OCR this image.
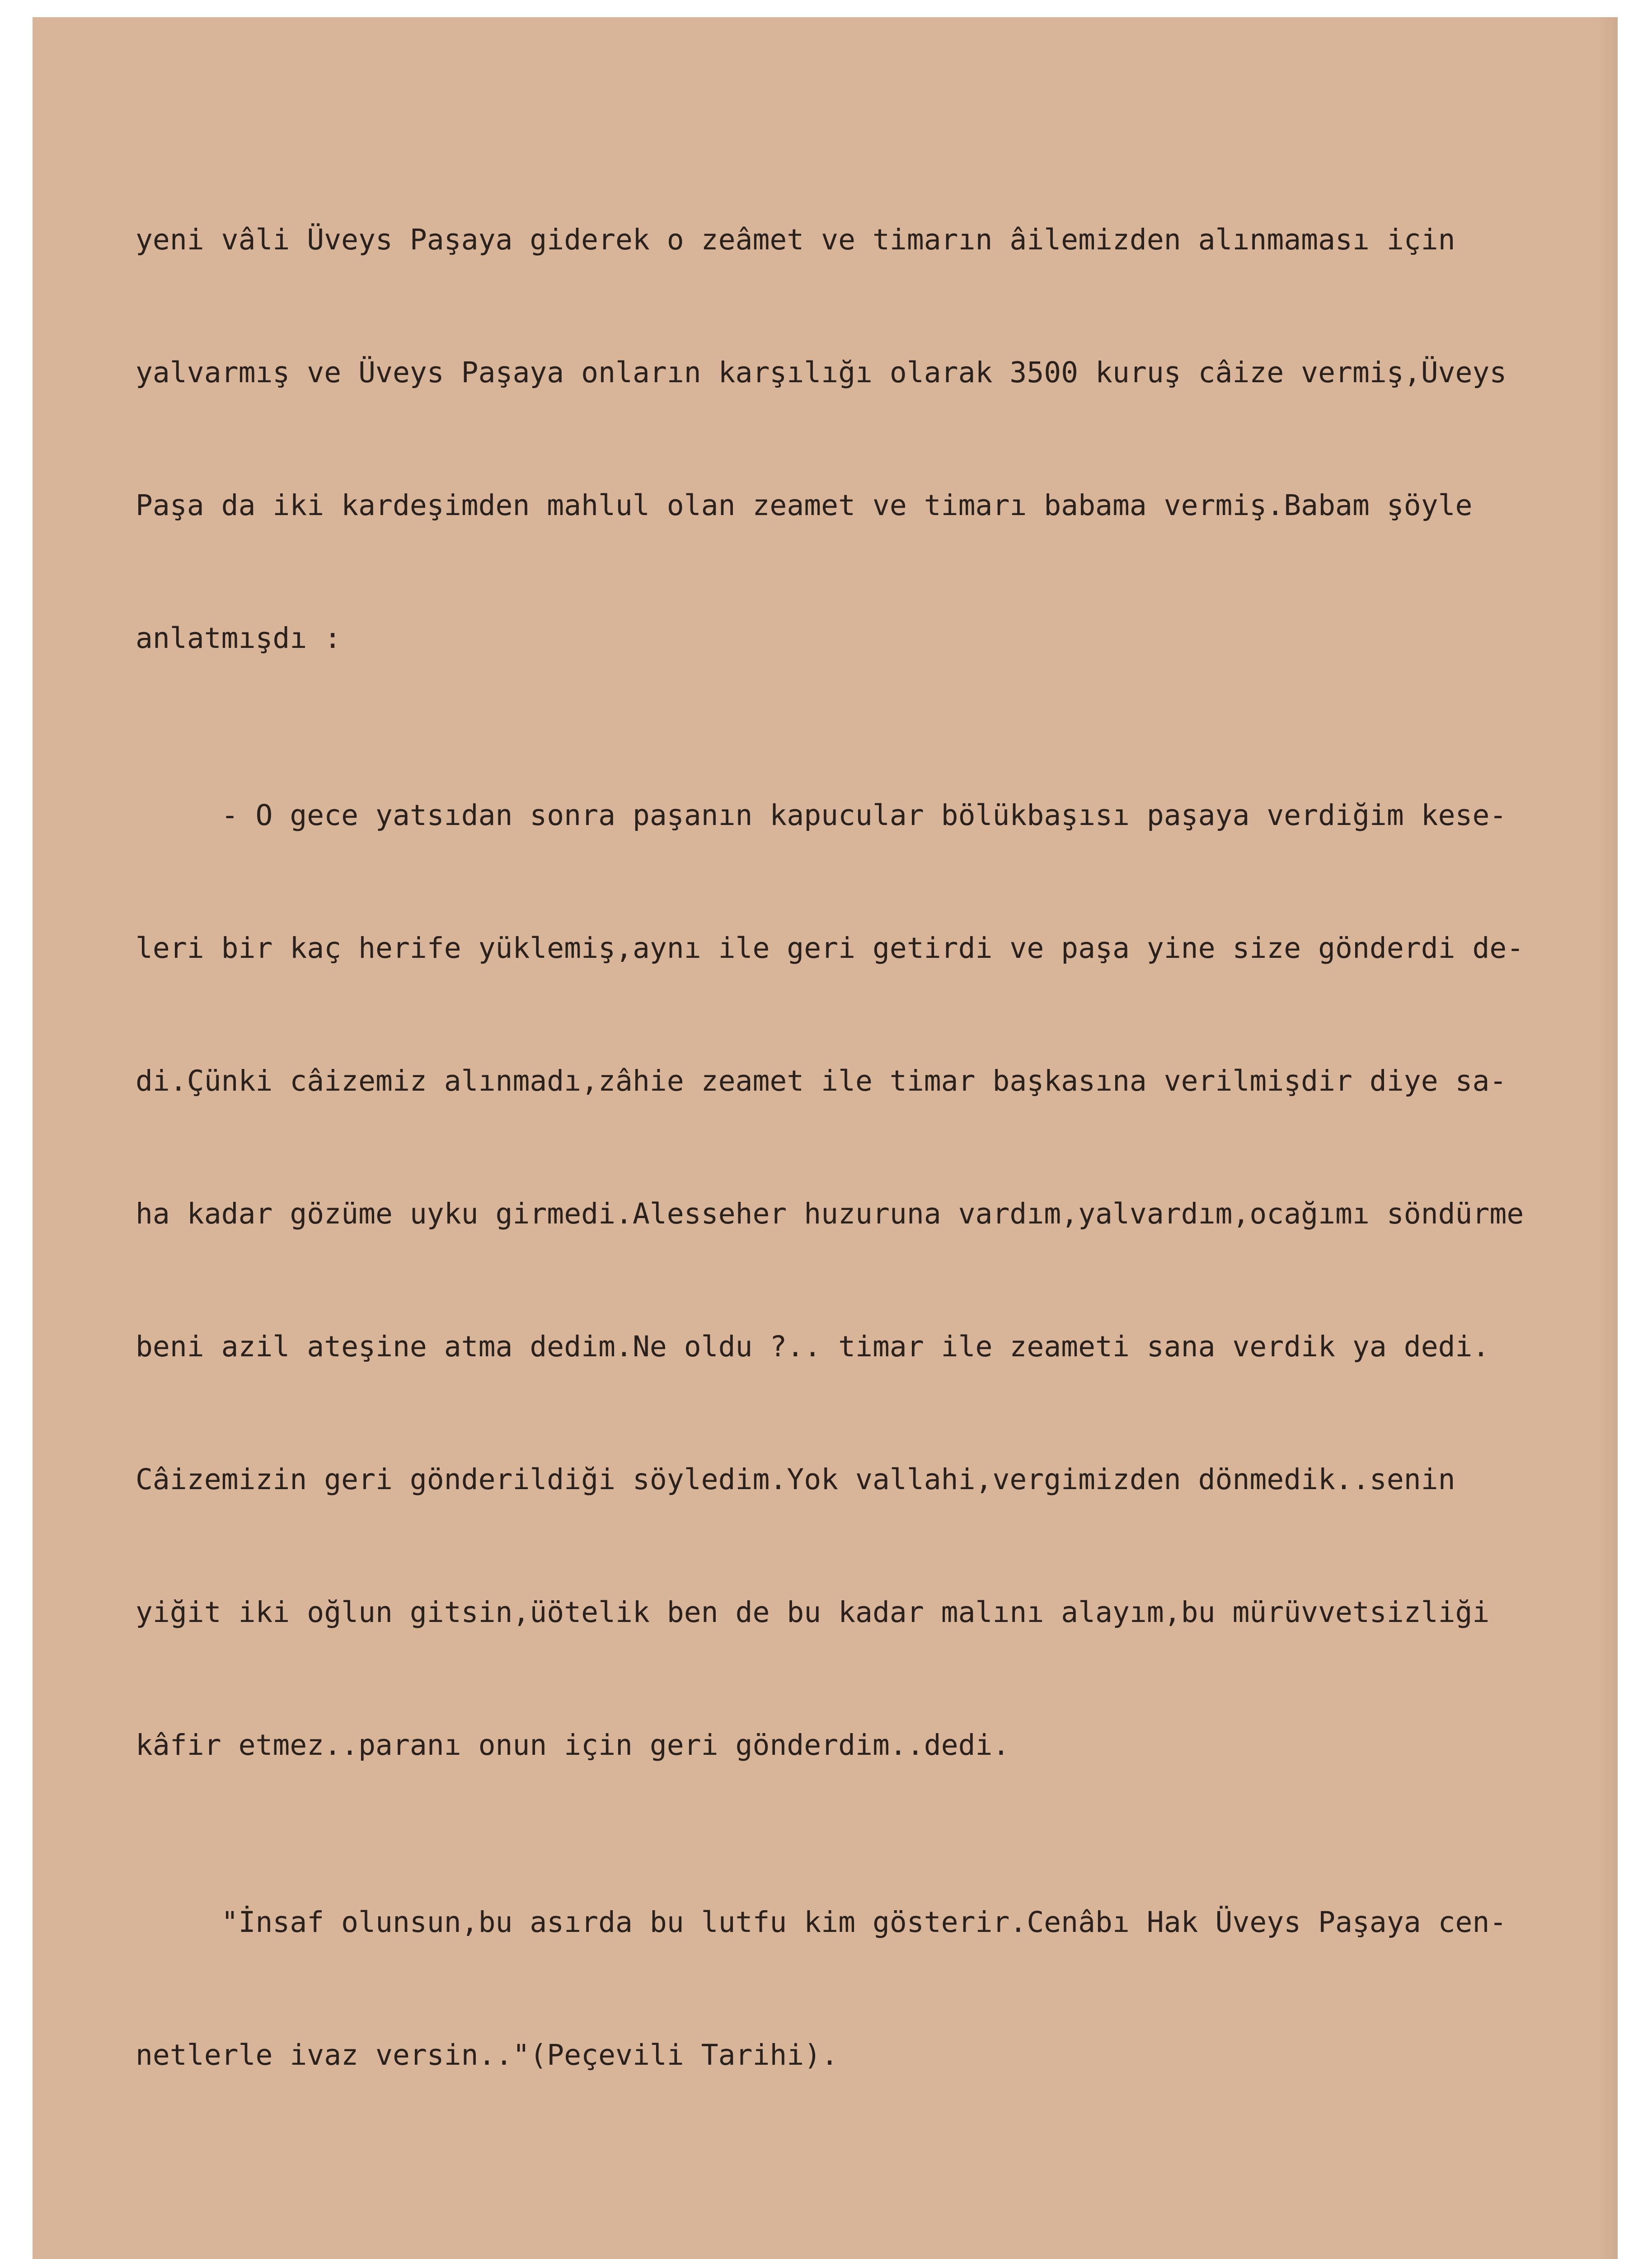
yeni vâli Üveys Paşaya giderek o zeâmet ve timarın âilemizden alınmaması için

yalvarmış ve Üveys Paşaya onların karşılığı olarak 3500 kuruş câize vermiş,Üveys

Paşa da iki kardeşimden mahlul olan zeamet ve timarı babama vermiş.Babam şöyle

anlatmışdı :

- O gece yatsıdan sonra paşanın kapucular bölükbaşısı paşaya verdiğim kese-

leri bir kaç herife yüklemiş,aynı ile geri getirdi ve paşa yine size gönderdi de-

di.Çünki câizemiz alınmadı,zâhie zeamet ile timar başkasına verilmişdir diye sa-

ha kadar gözüme uyku girmedi.Alesseher huzuruna vardım,yalvardım,ocağımı söndürme

beni azil ateşine atma dedim.Ne oldu ?.. timar ile zeameti sana verdik ya dedi.

Câizemizin geri gönderildiği söyledim.Yok vallahi,vergimizden dönmedik..senin

yiğit iki oğlun gitsin,üötelik ben de bu kadar malını alayım,bu mürüvvetsizliği

kâfir etmez..paranı onun için geri gönderdim..dedi.

"İnsaf olunsun,bu asırda bu lutfu kim gösterir.Cenâbı Hak Üveys Paşaya cen-

netlerle ivaz versin.."(Peçevili Tarihi).
